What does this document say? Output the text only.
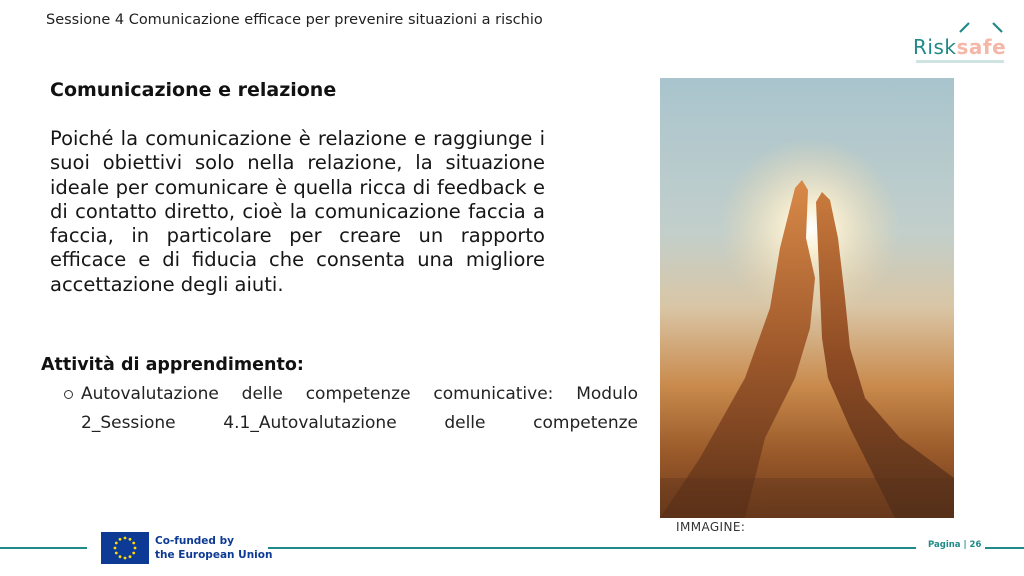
Sessione 4 Comunicazione efficace per prevenire situazioni a rischio
Risksafe
Comunicazione e relazione
Poiché la comunicazione è relazione e raggiunge i suoi obiettivi solo nella relazione, la situazione ideale per comunicare è quella ricca di feedback e di contatto diretto, cioè la comunicazione faccia a faccia, in particolare per creare un rapporto efficace e di fiducia che consenta una migliore accettazione degli aiuti.
Attività di apprendimento:
Autovalutazione delle competenze comunicative: Modulo 2_Sessione 4.1_Autovalutazione delle competenze
IMMAGINE:
Co-funded by
the European Union
Pagina | 26
